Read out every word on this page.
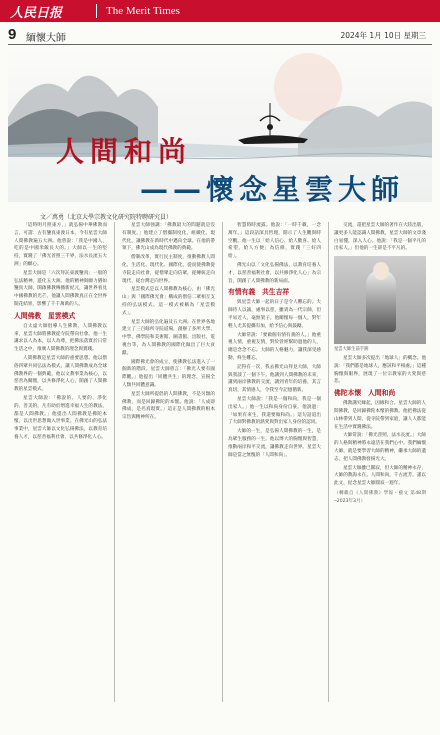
人民日报	The Merit Times
9 緬懷大師	2024年 1月 10日 星期三
人間和尚
——懷念星雲大師
文／萬勇（北京大學宗教文化研究院特聘研究員）

「這時明月照東方，」就弘揚中華佛教而言，可謂：古有鑒真東渡日本，今有星雲大師人間佛教遍五大洲。他曾說：「我是中國人，吃的是中國米飯長大的。」大師以一生的堅持，實踐了「佛光普照三千界，法水長流五大洲」的願心。

星雲大師是「六次拜託東渡鑒真」一般的弘法精神，遊化五大洲。他的精神與願力猶如鑒真大師，開啟佛教傳播新紀元，讓世界看見中國佛教的光芒。他讓人間佛教真正在全世界開花結果，影響了千千萬萬的人。

人間佛教　星雲模式

自太虛大師倡導人生佛教、人間佛教以來，星雲大師將佛教從寺院帶向社會。他一生講求以人為本，以人為尊，把佛法落實於日常生活之中，推廣人間佛教的理念與實踐。

人間佛教是星雲大師的重要思想。他以僧俗四眾共同弘法為模式，讓人間佛教成為全球佛教界的一個典範。他以文教事業為核心，以慈善為關懷，以共修淨化人心，開創了人間佛教的星雲模式。

星雲大師說：「佛說的、人要的、淨化的、善美的，凡有助於增進幸福人生的教法，都是人間佛教。」他提出人間佛教是佛陀本懷，以出世思想做入世事業。在佛光山的弘法事業中，星雲大師以文化弘揚佛法，以教育培養人才，以慈善福利社會，以共修淨化人心。

星雲大師強調：「佛教最大的問題就是沒有制度。」他建立了僧團制度化、組織化、現代化，讓佛教在新時代中邁向全球。在他的帶領下，佛光山成為現代佛教的典範。

僧制改革，實行民主制度，推動佛教人間化、生活化、現代化、國際化，從而使佛教從寺院走向社會，從僧眾走向信眾，從傳統走向現代，從台灣走向世界。

星雲模式是以人間佛教為核心，由「佛光山」與「國際佛光會」構成的僧信二眾相互支持的弘法模式。這一模式被稱為「星雲模式」。

星雲大師的弘化遍及五大洲。在世界各地建立了三百餘所寺院道場，創辦了多所大學、中學、佛學院和美術館、圖書館、出版社、電視台等，為人間佛教的國際化做出了巨大貢獻。

國際佛光會的成立，使佛教弘法進入了一個新的階段。星雲大師曾言：「佛光人要有國際觀。」他提出「同體共生」的理念，宣揚全人類共同體意識。

星雲大師所提倡的人間佛教，不是另類的佛教，而是回歸佛陀的本懷。他說：「人成即佛成，是名真現實。」這正是人間佛教的根本宗旨與精神所在。

智慧時時流露。他說：「一時千載，一念萬年。」這段話深具哲理，開示了人生觀與時空觀。他一生以「給人信心、給人歡喜、給人希望、給人方便」為信條，實踐「三好四給」。

佛光山以「文化弘揚佛法，以教育培養人才，以慈善福利社會，以共修淨化人心」為宗旨，開創了人間佛教的新局面。

有情有義　共生吉祥

與星雲大師一起的日子是令人難忘的。大師待人以誠，處事以慈，雖貴為一代宗師，但平易近人，毫無架子。他關懷每一個人，對年輕人尤其提攜有加，給予信心與鼓勵。

大師常說：「要做個有情有義的人。」他重視人情，重視友情，對於曾經幫助過他的人，總是念念不忘。大師的人格魅力，讓我深受感動，終生難忘。

記得有一次，我去佛光山拜見大師，大師與我談了一個下午。他講到人間佛教的未來，講到兩岸佛教的交流，講到青年的培養，其言真切，其情感人，令我至今記憶猶新。

星雲大師說：「我是一個和尚，我是一個出家人。」他一生以和尚身份自豪。他說過：「如果有來生，我還要做和尚。」這句話道出了大師對佛教的熱愛與對出家人身份的認同。

大師的一生，是弘揚人間佛教的一生，是為眾生服務的一生。他以博大的胸懷與智慧，推動兩岸和平交流，讓佛教走向世界。星雲大師是當之無愧的「人間和尚」。

交流，還把星雲大師的著作在大陸出版，讓更多人能認識人間佛教。星雲大師的文章淺白易懂，深入人心。他說：「我是一個平凡的出家人。」但他的一生卻是不平凡的。

星雲大師生前手跡

星雲大師多次提出「地球人」的概念。他說：「我們都是地球人，應該和平相處。」這種胸懷與眼界，展現了一位宗教家的大愛與慈悲。

佛陀本懷　人間和尚

佛教講究緣起，因緣和合。星雲大師的人間佛教，是回歸佛陀本懷的佛教。他把佛法從山林帶到人間，從寺院帶到家庭，讓人人都能在生活中實踐佛法。

大師常說：「佛光普照、法水長流。」大師的人格與精神將永遠活在我們心中。我們緬懷大師，就是要學習大師的精神，繼承大師的遺志，把人間佛教發揚光大。

星雲大師雖已圓寂，但大師的精神永存，大師的教誨永在。人間和尚，千古流芳。謹以此文，紀念星雲大師圓寂一週年。

（轉載自《人間佛教》學報・藝文 第48期 ─2023年3月）
